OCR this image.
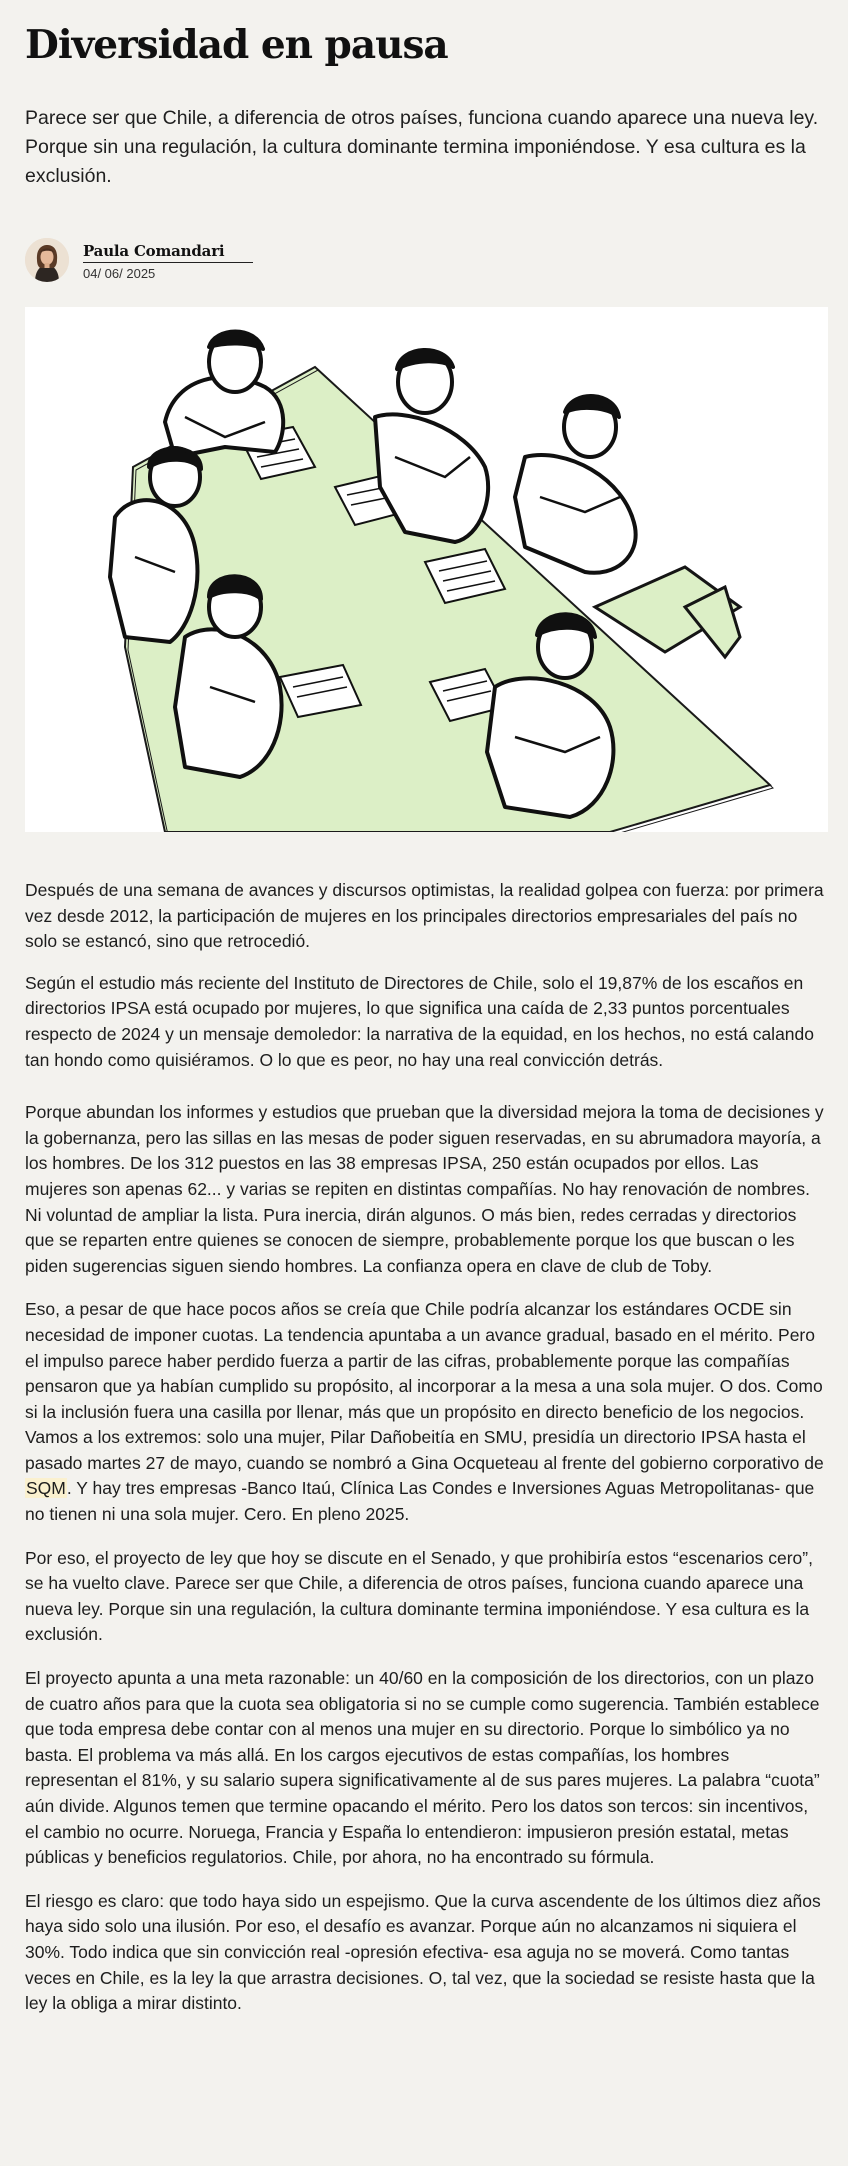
Diversidad en pausa

Parece ser que Chile, a diferencia de otros países, funciona cuando aparece una nueva ley. Porque sin una regulación, la cultura dominante termina imponiéndose. Y esa cultura es la exclusión.

Paula Comandari
04/ 06/ 2025

Después de una semana de avances y discursos optimistas, la realidad golpea con fuerza: por primera vez desde 2012, la participación de mujeres en los principales directorios empresariales del país no solo se estancó, sino que retrocedió.

Según el estudio más reciente del Instituto de Directores de Chile, solo el 19,87% de los escaños en directorios IPSA está ocupado por mujeres, lo que significa una caída de 2,33 puntos porcentuales respecto de 2024 y un mensaje demoledor: la narrativa de la equidad, en los hechos, no está calando tan hondo como quisiéramos. O lo que es peor, no hay una real convicción detrás.

Porque abundan los informes y estudios que prueban que la diversidad mejora la toma de decisiones y la gobernanza, pero las sillas en las mesas de poder siguen reservadas, en su abrumadora mayoría, a los hombres. De los 312 puestos en las 38 empresas IPSA, 250 están ocupados por ellos. Las mujeres son apenas 62... y varias se repiten en distintas compañías. No hay renovación de nombres. Ni voluntad de ampliar la lista. Pura inercia, dirán algunos. O más bien, redes cerradas y directorios que se reparten entre quienes se conocen de siempre, probablemente porque los que buscan o les piden sugerencias siguen siendo hombres. La confianza opera en clave de club de Toby.

Eso, a pesar de que hace pocos años se creía que Chile podría alcanzar los estándares OCDE sin necesidad de imponer cuotas. La tendencia apuntaba a un avance gradual, basado en el mérito. Pero el impulso parece haber perdido fuerza a partir de las cifras, probablemente porque las compañías pensaron que ya habían cumplido su propósito, al incorporar a la mesa a una sola mujer. O dos. Como si la inclusión fuera una casilla por llenar, más que un propósito en directo beneficio de los negocios.

Vamos a los extremos: solo una mujer, Pilar Dañobeitía en SMU, presidía un directorio IPSA hasta el pasado martes 27 de mayo, cuando se nombró a Gina Ocqueteau al frente del gobierno corporativo de SQM. Y hay tres empresas -Banco Itaú, Clínica Las Condes e Inversiones Aguas Metropolitanas- que

no tienen ni una sola mujer. Cero. En pleno 2025.

Por eso, el proyecto de ley que hoy se discute en el Senado, y que prohibiría estos “escenarios cero”, se ha vuelto clave. Parece ser que Chile, a diferencia de otros países, funciona cuando aparece una nueva ley. Porque sin una regulación, la cultura dominante termina imponiéndose. Y esa cultura es la exclusión.

El proyecto apunta a una meta razonable: un 40/60 en la composición de los directorios, con un plazo de cuatro años para que la cuota sea obligatoria si no se cumple como sugerencia. También establece que toda empresa debe contar con al menos una mujer en su directorio. Porque lo simbólico ya no basta. El problema va más allá. En los cargos ejecutivos de estas compañías, los hombres representan el 81%, y su salario supera significativamente al de sus pares mujeres. La palabra “cuota” aún divide. Algunos temen que termine opacando el mérito. Pero los datos son tercos: sin incentivos, el cambio no ocurre. Noruega, Francia y España lo entendieron: impusieron presión estatal, metas públicas y beneficios regulatorios. Chile, por ahora, no ha encontrado su fórmula.

El riesgo es claro: que todo haya sido un espejismo. Que la curva ascendente de los últimos diez años haya sido solo una ilusión. Por eso, el desafío es avanzar. Porque aún no alcanzamos ni siquiera el 30%. Todo indica que sin convicción real -opresión efectiva- esa aguja no se moverá. Como tantas veces en Chile, es la ley la que arrastra decisiones. O, tal vez, que la sociedad se resiste hasta que la ley la obliga a mirar distinto.
